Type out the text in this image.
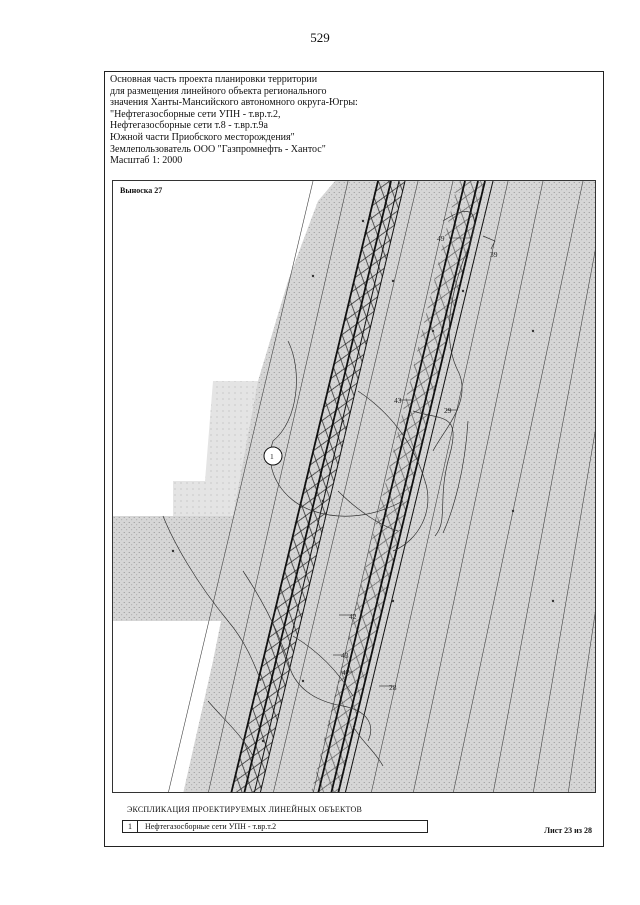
529
Основная часть проекта планировки территории
для размещения линейного объекта регионального
значения Ханты-Мансийского автономного округа-Югры:
"Нефтегазосборные сети УПН - т.вр.т.2,
Нефтегазосборные сети т.8 - т.вр.т.9а
Южной части Приобского месторождения"
Землепользователь ООО "Газпромнефть - Хантос"
Масштаб 1: 2000
1
49
39
43
29
42
43
47
28
Выноска 27
ЭКСПЛИКАЦИЯ ПРОЕКТИРУЕМЫХ ЛИНЕЙНЫХ ОБЪЕКТОВ
1	Нефтегазосборные сети УПН - т.вр.т.2	Лист 23 из 28
